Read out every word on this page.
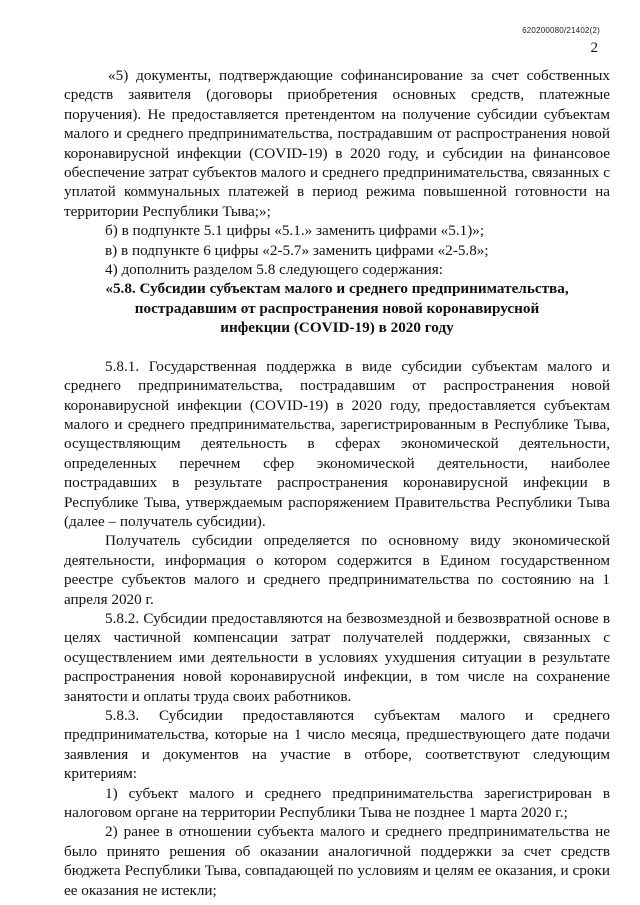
620200080/21402(2)
2

«5) документы, подтверждающие софинансирование за счет собственных средств заявителя (договоры приобретения основных средств, платежные поручения). Не предоставляется претендентом на получение субсидии субъектам малого и среднего предпринимательства, пострадавшим от распространения новой коронавирусной инфекции (COVID-19) в 2020 году, и субсидии на финансовое обеспечение затрат субъектов малого и среднего предпринимательства, связанных с уплатой коммунальных платежей в период режима повышенной готовности на территории Республики Тыва;»;

б) в подпункте 5.1 цифры «5.1.» заменить цифрами «5.1)»;

в) в подпункте 6 цифры «2-5.7» заменить цифрами «2-5.8»;

4) дополнить разделом 5.8 следующего содержания:

«5.8. Субсидии субъектам малого и среднего предпринимательства,
пострадавшим от распространения новой коронавирусной
инфекции (COVID-19) в 2020 году

5.8.1. Государственная поддержка в виде субсидии субъектам малого и среднего предпринимательства, пострадавшим от распространения новой коронавирусной инфекции (COVID-19) в 2020 году, предоставляется субъектам малого и среднего предпринимательства, зарегистрированным в Республике Тыва, осуществляющим деятельность в сферах экономической деятельности, определенных перечнем сфер экономической деятельности, наиболее пострадавших в результате распространения коронавирусной инфекции в Республике Тыва, утверждаемым распоряжением Правительства Республики Тыва (далее – получатель субсидии).

Получатель субсидии определяется по основному виду экономической деятельности, информация о котором содержится в Едином государственном реестре субъектов малого и среднего предпринимательства по состоянию на 1 апреля 2020 г.

5.8.2. Субсидии предоставляются на безвозмездной и безвозвратной основе в целях частичной компенсации затрат получателей поддержки, связанных с осуществлением ими деятельности в условиях ухудшения ситуации в результате распространения новой коронавирусной инфекции, в том числе на сохранение занятости и оплаты труда своих работников.

5.8.3. Субсидии предоставляются субъектам малого и среднего предпринимательства, которые на 1 число месяца, предшествующего дате подачи заявления и документов на участие в отборе, соответствуют следующим критериям:

1) субъект малого и среднего предпринимательства зарегистрирован в налоговом органе на территории Республики Тыва не позднее 1 марта 2020 г.;

2) ранее в отношении субъекта малого и среднего предпринимательства не было принято решения об оказании аналогичной поддержки за счет средств бюджета Республики Тыва, совпадающей по условиям и целям ее оказания, и сроки ее оказания не истекли;
